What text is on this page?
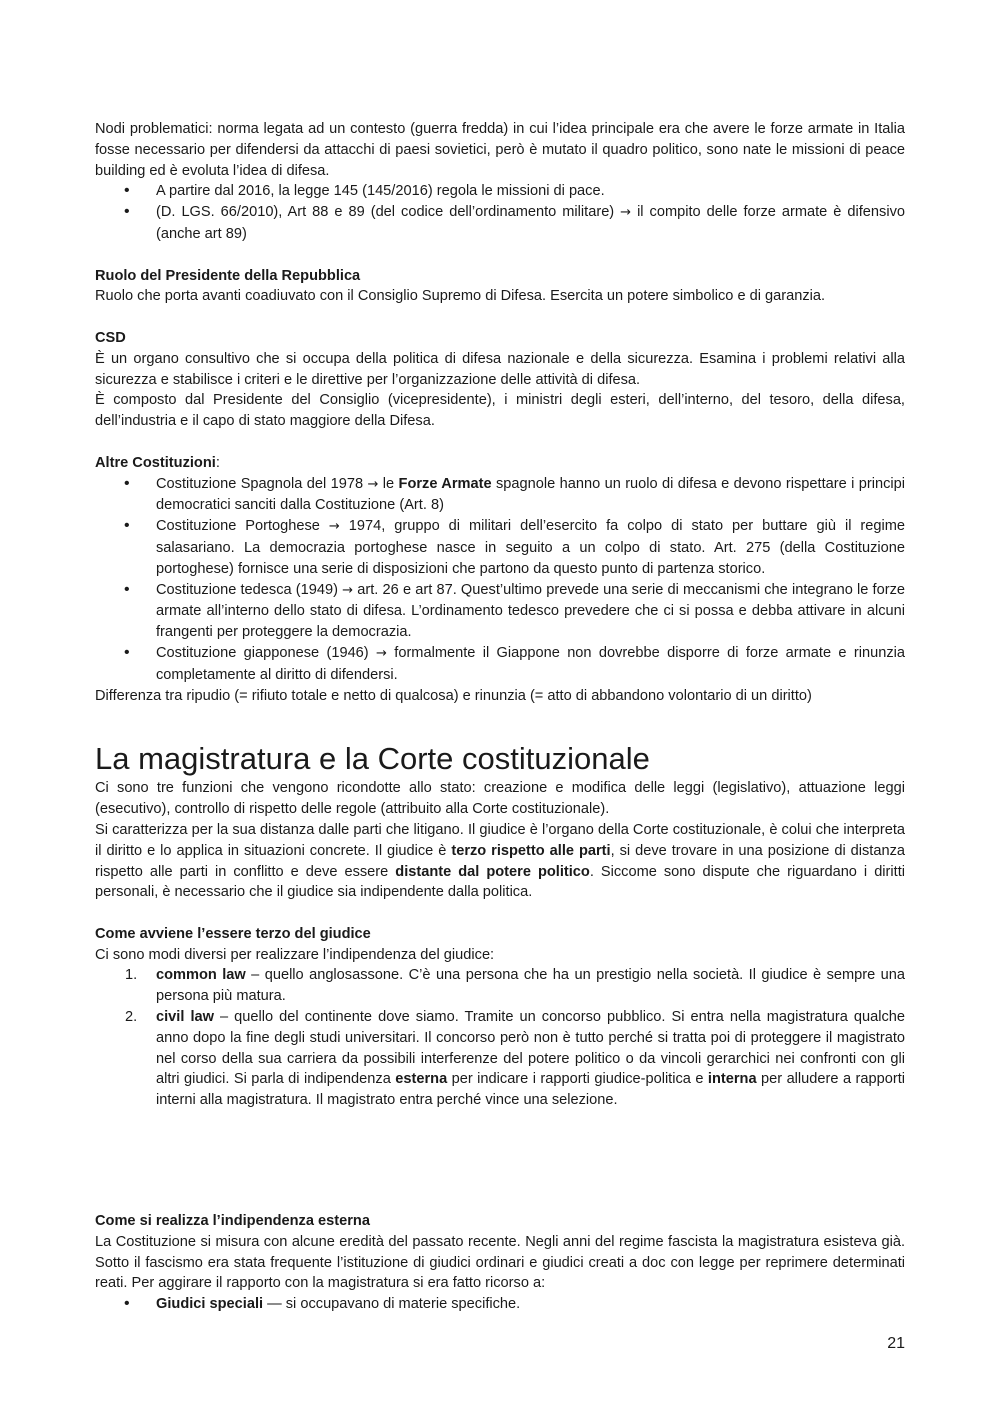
Nodi problematici: norma legata ad un contesto (guerra fredda) in cui l’idea principale era che avere le forze armate in Italia fosse necessario per difendersi da attacchi di paesi sovietici, però è mutato il quadro politico, sono nate le missioni di peace building ed è evoluta l’idea di difesa.

• A partire dal 2016, la legge 145 (145/2016) regola le missioni di pace.
• (D. LGS. 66/2010), Art 88 e 89 (del codice dell’ordinamento militare) → il compito delle forze armate è difensivo (anche art 89)

Ruolo del Presidente della Repubblica

Ruolo che porta avanti coadiuvato con il Consiglio Supremo di Difesa. Esercita un potere simbolico e di garanzia.

CSD

È un organo consultivo che si occupa della politica di difesa nazionale e della sicurezza. Esamina i problemi relativi alla sicurezza e stabilisce i criteri e le direttive per l’organizzazione delle attività di difesa.

È composto dal Presidente del Consiglio (vicepresidente), i ministri degli esteri, dell’interno, del tesoro, della difesa, dell’industria e il capo di stato maggiore della Difesa.

Altre Costituzioni:

• Costituzione Spagnola del 1978 → le Forze Armate spagnole hanno un ruolo di difesa e devono rispettare i principi democratici sanciti dalla Costituzione (Art. 8)
• Costituzione Portoghese → 1974, gruppo di militari dell’esercito fa colpo di stato per buttare giù il regime salasariano. La democrazia portoghese nasce in seguito a un colpo di stato. Art. 275 (della Costituzione portoghese) fornisce una serie di disposizioni che partono da questo punto di partenza storico.
• Costituzione tedesca (1949) → art. 26 e art 87. Quest’ultimo prevede una serie di meccanismi che integrano le forze armate all’interno dello stato di difesa. L’ordinamento tedesco prevedere che ci si possa e debba attivare in alcuni frangenti per proteggere la democrazia.
• Costituzione giapponese (1946) → formalmente il Giappone non dovrebbe disporre di forze armate e rinunzia completamente al diritto di difendersi.

Differenza tra ripudio (= rifiuto totale e netto di qualcosa) e rinunzia (= atto di abbandono volontario di un diritto)

La magistratura e la Corte costituzionale

Ci sono tre funzioni che vengono ricondotte allo stato: creazione e modifica delle leggi (legislativo), attuazione leggi (esecutivo), controllo di rispetto delle regole (attribuito alla Corte costituzionale).

Si caratterizza per la sua distanza dalle parti che litigano. Il giudice è l’organo della Corte costituzionale, è colui che interpreta il diritto e lo applica in situazioni concrete. Il giudice è terzo rispetto alle parti, si deve trovare in una posizione di distanza rispetto alle parti in conflitto e deve essere distante dal potere politico. Siccome sono dispute che riguardano i diritti personali, è necessario che il giudice sia indipendente dalla politica.

Come avviene l’essere terzo del giudice

Ci sono modi diversi per realizzare l’indipendenza del giudice:

1. common law – quello anglosassone. C’è una persona che ha un prestigio nella società. Il giudice è sempre una persona più matura.
2. civil law – quello del continente dove siamo. Tramite un concorso pubblico. Si entra nella magistratura qualche anno dopo la fine degli studi universitari. Il concorso però non è tutto perché si tratta poi di proteggere il magistrato nel corso della sua carriera da possibili interferenze del potere politico o da vincoli gerarchici nei confronti con gli altri giudici. Si parla di indipendenza esterna per indicare i rapporti giudice-politica e interna per alludere a rapporti interni alla magistratura. Il magistrato entra perché vince una selezione.

Come si realizza l’indipendenza esterna

La Costituzione si misura con alcune eredità del passato recente. Negli anni del regime fascista la magistratura esisteva già. Sotto il fascismo era stata frequente l’istituzione di giudici ordinari e giudici creati a doc con legge per reprimere determinati reati. Per aggirare il rapporto con la magistratura si era fatto ricorso a:

• Giudici speciali — si occupavano di materie specifiche.
21
